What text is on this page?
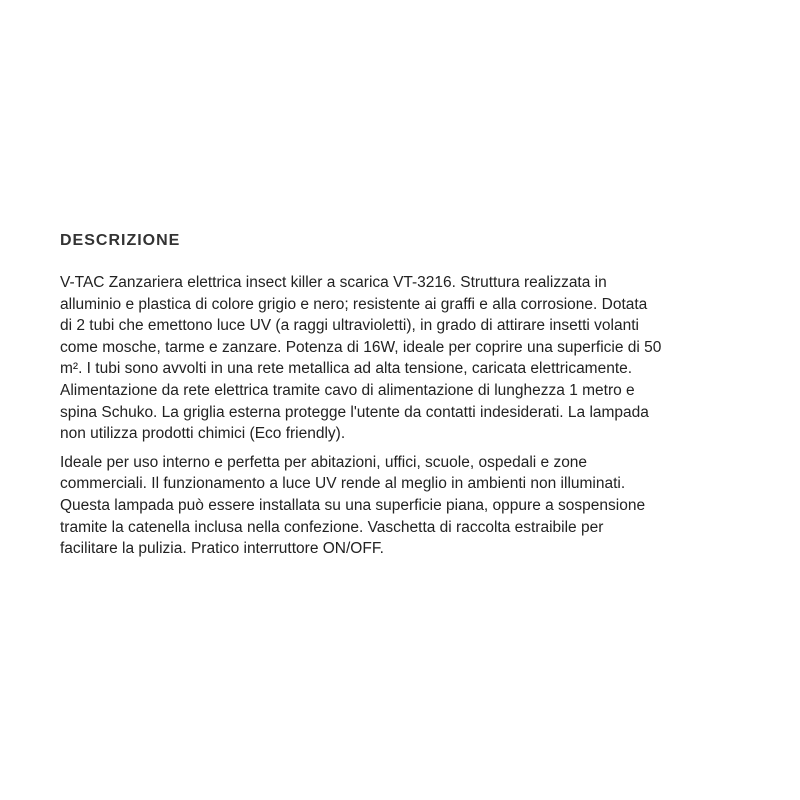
DESCRIZIONE
V-TAC Zanzariera elettrica insect killer a scarica VT-3216. Struttura realizzata in
alluminio e plastica di colore grigio e nero; resistente ai graffi e alla corrosione. Dotata
di 2 tubi che emettono luce UV (a raggi ultravioletti), in grado di attirare insetti volanti
come mosche, tarme e zanzare. Potenza di 16W, ideale per coprire una superficie di 50
m². I tubi sono avvolti in una rete metallica ad alta tensione, caricata elettricamente.
Alimentazione da rete elettrica tramite cavo di alimentazione di lunghezza 1 metro e
spina Schuko. La griglia esterna protegge l'utente da contatti indesiderati. La lampada
non utilizza prodotti chimici (Eco friendly).
Ideale per uso interno e perfetta per abitazioni, uffici, scuole, ospedali e zone
commerciali. Il funzionamento a luce UV rende al meglio in ambienti non illuminati.
Questa lampada può essere installata su una superficie piana, oppure a sospensione
tramite la catenella inclusa nella confezione. Vaschetta di raccolta estraibile per
facilitare la pulizia. Pratico interruttore ON/OFF.
